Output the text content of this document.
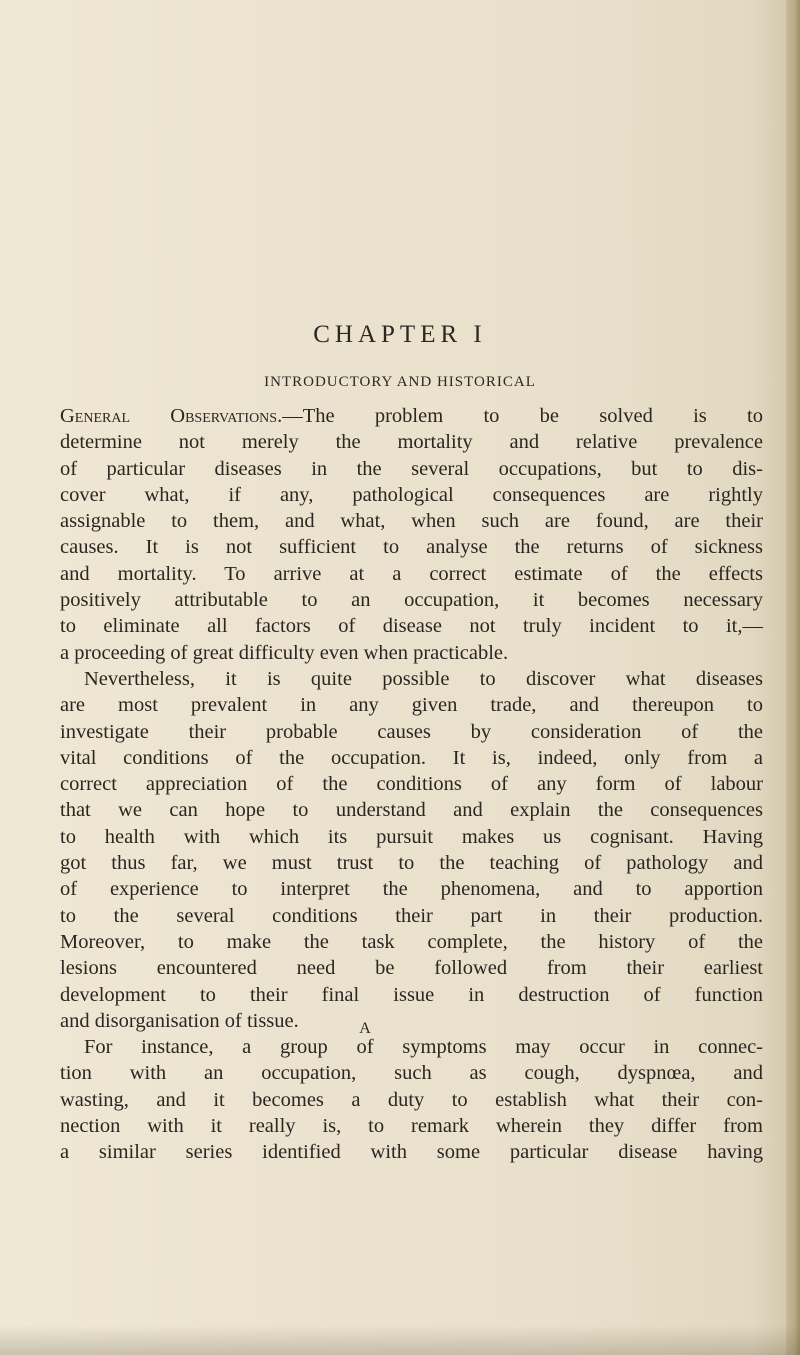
CHAPTER I
INTRODUCTORY AND HISTORICAL
General Observations.—The problem to be solved is to
determine not merely the mortality and relative prevalence
of particular diseases in the several occupations, but to dis-
cover what, if any, pathological consequences are rightly
assignable to them, and what, when such are found, are their
causes. It is not sufficient to analyse the returns of sickness
and mortality. To arrive at a correct estimate of the effects
positively attributable to an occupation, it becomes necessary
to eliminate all factors of disease not truly incident to it,—
a proceeding of great difficulty even when practicable.
Nevertheless, it is quite possible to discover what diseases
are most prevalent in any given trade, and thereupon to
investigate their probable causes by consideration of the
vital conditions of the occupation. It is, indeed, only from a
correct appreciation of the conditions of any form of labour
that we can hope to understand and explain the consequences
to health with which its pursuit makes us cognisant. Having
got thus far, we must trust to the teaching of pathology and
of experience to interpret the phenomena, and to apportion
to the several conditions their part in their production.
Moreover, to make the task complete, the history of the
lesions encountered need be followed from their earliest
development to their final issue in destruction of function
and disorganisation of tissue.
For instance, a group of symptoms may occur in connec-
tion with an occupation, such as cough, dyspnœa, and
wasting, and it becomes a duty to establish what their con-
nection with it really is, to remark wherein they differ from
a similar series identified with some particular disease having
A
